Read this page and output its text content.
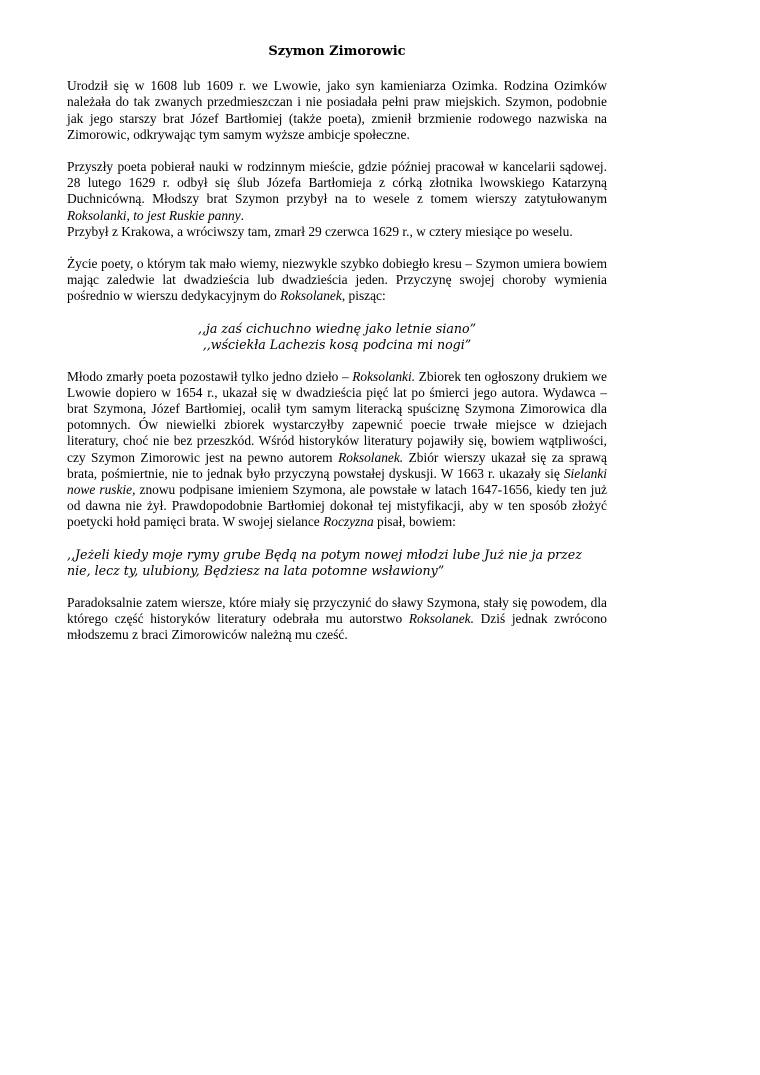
Szymon Zimorowic

Urodził się w 1608 lub 1609 r. we Lwowie, jako syn kamieniarza Ozimka. Rodzina Ozimków należała do tak zwanych przedmieszczan i nie posiadała pełni praw miejskich. Szymon, podobnie jak jego starszy brat Józef Bartłomiej (także poeta), zmienił brzmienie rodowego nazwiska na Zimorowic, odkrywając tym samym wyższe ambicje społeczne.

Przyszły poeta pobierał nauki w rodzinnym mieście, gdzie później pracował w kancelarii sądowej. 28 lutego 1629 r. odbył się ślub Józefa Bartłomieja z córką złotnika lwowskiego Katarzyną Duchnicówną. Młodszy brat Szymon przybył na to wesele z tomem wierszy zatytułowanym Roksolanki, to jest Ruskie panny.

Przybył z Krakowa, a wróciwszy tam, zmarł 29 czerwca 1629 r., w cztery miesiące po weselu.

Życie poety, o którym tak mało wiemy, niezwykle szybko dobiegło kresu – Szymon umiera bowiem mając zaledwie lat dwadzieścia lub dwadzieścia jeden. Przyczynę swojej choroby wymienia pośrednio w wierszu dedykacyjnym do Roksolanek, pisząc:

,,ja zaś cichuchno wiednę jako letnie siano”
,,wściekła Lachezis kosą podcina mi nogi”

Młodo zmarły poeta pozostawił tylko jedno dzieło – Roksolanki. Zbiorek ten ogłoszony drukiem we Lwowie dopiero w 1654 r., ukazał się w dwadzieścia pięć lat po śmierci jego autora. Wydawca – brat Szymona, Józef Bartłomiej, ocalił tym samym literacką spuściznę Szymona Zimorowica dla potomnych. Ów niewielki zbiorek wystarczyłby zapewnić poecie trwałe miejsce w dziejach literatury, choć nie bez przeszkód. Wśród historyków literatury pojawiły się, bowiem wątpliwości, czy Szymon Zimorowic jest na pewno autorem Roksolanek. Zbiór wierszy ukazał się za sprawą brata, pośmiertnie, nie to jednak było przyczyną powstałej dyskusji. W 1663 r. ukazały się Sielanki nowe ruskie, znowu podpisane imieniem Szymona, ale powstałe w latach 1647-1656, kiedy ten już od dawna nie żył. Prawdopodobnie Bartłomiej dokonał tej mistyfikacji, aby w ten sposób złożyć poetycki hołd pamięci brata. W swojej sielance Roczyzna pisał, bowiem:

,,Jeżeli kiedy moje rymy grube Będą na potym nowej młodzi lube Już nie ja przez nie, lecz ty, ulubiony, Będziesz na lata potomne wsławiony”

Paradoksalnie zatem wiersze, które miały się przyczynić do sławy Szymona, stały się powodem, dla którego część historyków literatury odebrała mu autorstwo Roksolanek. Dziś jednak zwrócono młodszemu z braci Zimorowiców należną mu cześć.
